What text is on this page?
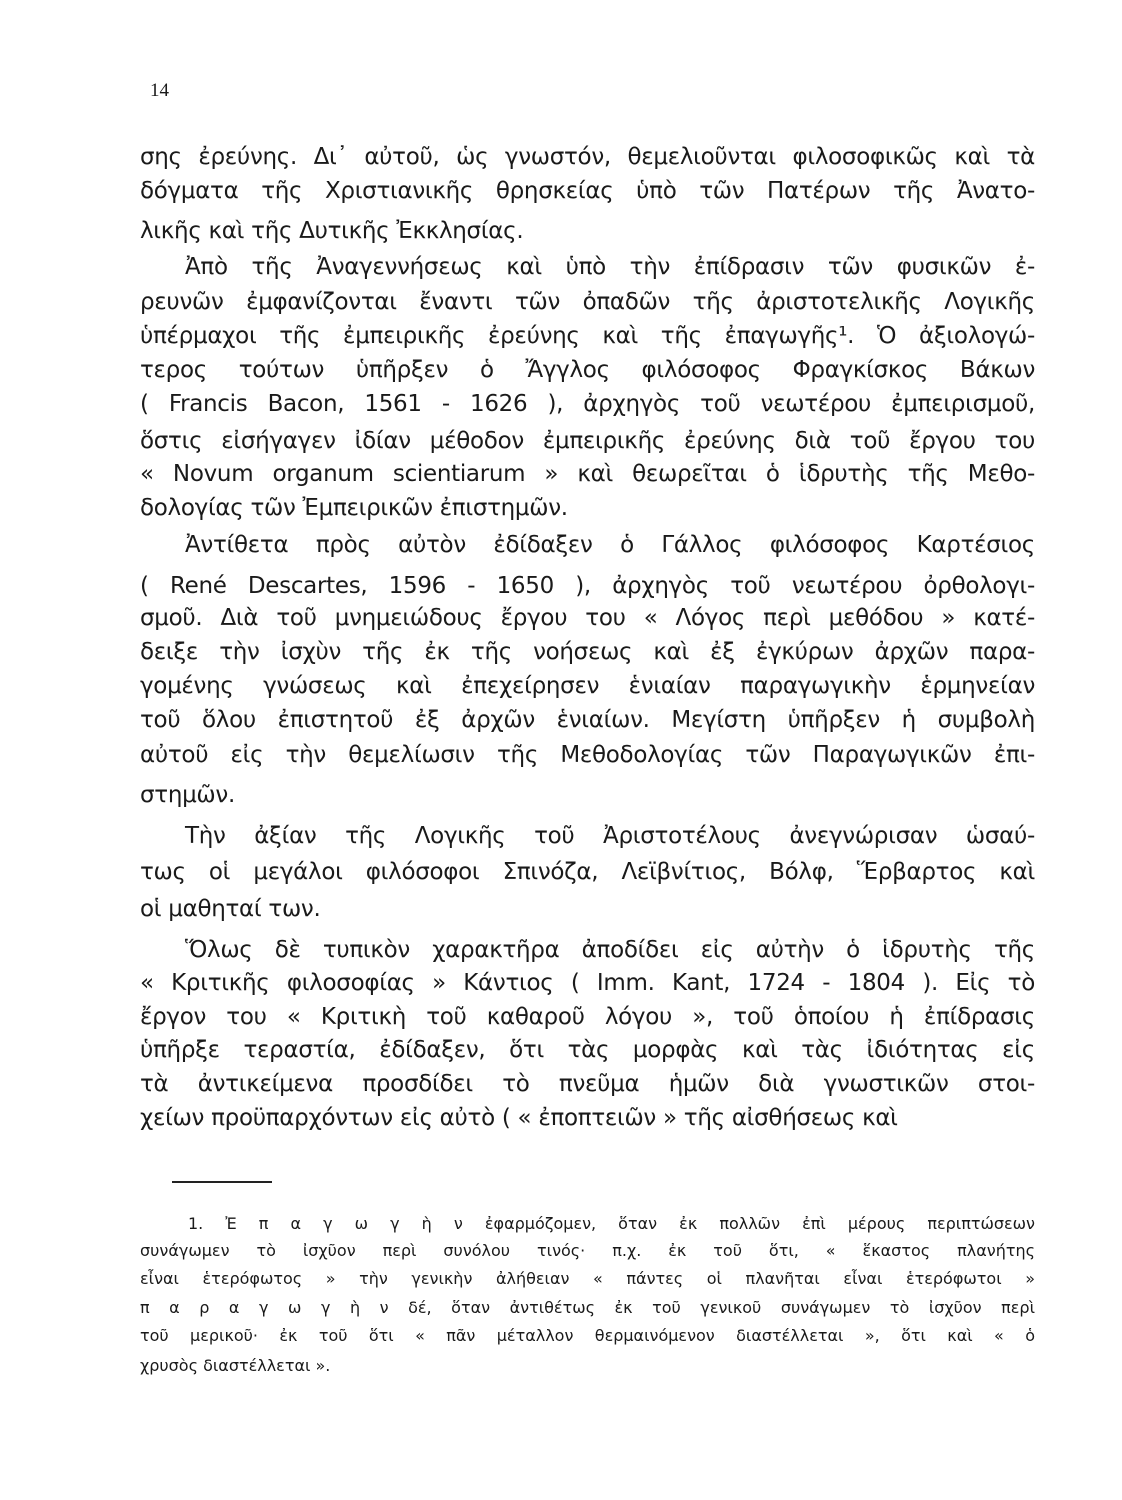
14
σης ἐρεύνης. Δι᾽ αὐτοῦ, ὡς γνωστόν, θεμελιοῦνται φιλοσοφικῶς καὶ τὰ
δόγματα τῆς Χριστιανικῆς θρησκείας ὑπὸ τῶν Πατέρων τῆς Ἀνατο-
λικῆς καὶ τῆς Δυτικῆς Ἐκκλησίας.
Ἀπὸ τῆς Ἀναγεννήσεως καὶ ὑπὸ τὴν ἐπίδρασιν τῶν φυσικῶν ἐ-
ρευνῶν ἐμφανίζονται ἔναντι τῶν ὀπαδῶν τῆς ἀριστοτελικῆς Λογικῆς
ὑπέρμαχοι τῆς ἐμπειρικῆς ἐρεύνης καὶ τῆς ἐπαγωγῆς¹. Ὁ ἀξιολογώ-
τερος τούτων ὑπῆρξεν ὁ Ἄγγλος φιλόσοφος Φραγκίσκος Βάκων
( Francis Bacon, 1561 - 1626 ), ἀρχηγὸς τοῦ νεωτέρου ἐμπειρισμοῦ,
ὅστις εἰσήγαγεν ἰδίαν μέθοδον ἐμπειρικῆς ἐρεύνης διὰ τοῦ ἔργου του
« Novum organum scientiarum » καὶ θεωρεῖται ὁ ἱδρυτὴς τῆς Μεθο-
δολογίας τῶν Ἐμπειρικῶν ἐπιστημῶν.
Ἀντίθετα πρὸς αὐτὸν ἐδίδαξεν ὁ Γάλλος φιλόσοφος Καρτέσιος
( René Descartes, 1596 - 1650 ), ἀρχηγὸς τοῦ νεωτέρου ὀρθολογι-
σμοῦ. Διὰ τοῦ μνημειώδους ἔργου του « Λόγος περὶ μεθόδου » κατέ-
δειξε τὴν ἰσχὺν τῆς ἐκ τῆς νοήσεως καὶ ἐξ ἐγκύρων ἀρχῶν παρα-
γομένης γνώσεως καὶ ἐπεχείρησεν ἑνιαίαν παραγωγικὴν ἑρμηνείαν
τοῦ ὅλου ἐπιστητοῦ ἐξ ἀρχῶν ἑνιαίων. Μεγίστη ὑπῆρξεν ἡ συμβολὴ
αὐτοῦ εἰς τὴν θεμελίωσιν τῆς Μεθοδολογίας τῶν Παραγωγικῶν ἐπι-
στημῶν.
Τὴν ἀξίαν τῆς Λογικῆς τοῦ Ἀριστοτέλους ἀνεγνώρισαν ὡσαύ-
τως οἱ μεγάλοι φιλόσοφοι Σπινόζα, Λεϊβνίτιος, Βόλφ, Ἕρβαρτος καὶ
οἱ μαθηταί των.
Ὅλως δὲ τυπικὸν χαρακτῆρα ἀποδίδει εἰς αὐτὴν ὁ ἱδρυτὴς τῆς
« Κριτικῆς φιλοσοφίας » Κάντιος ( Imm. Kant, 1724 - 1804 ). Εἰς τὸ
ἔργον του « Κριτικὴ τοῦ καθαροῦ λόγου », τοῦ ὁποίου ἡ ἐπίδρασις
ὑπῆρξε τεραστία, ἐδίδαξεν, ὅτι τὰς μορφὰς καὶ τὰς ἰδιότητας εἰς
τὰ ἀντικείμενα προσδίδει τὸ πνεῦμα ἡμῶν διὰ γνωστικῶν στοι-
χείων προϋπαρχόντων εἰς αὐτὸ ( « ἐποπτειῶν » τῆς αἰσθήσεως καὶ
1. Ἐ π α γ ω γ ὴ ν ἐφαρμόζομεν, ὅταν ἐκ πολλῶν ἐπὶ μέρους περιπτώσεων
συνάγωμεν τὸ ἰσχῦον περὶ συνόλου τινός· π.χ. ἐκ τοῦ ὅτι, « ἕκαστος πλανήτης
εἶναι ἑτερόφωτος » τὴν γενικὴν ἀλήθειαν « πάντες οἱ πλανῆται εἶναι ἑτερόφωτοι »
π α ρ α γ ω γ ὴ ν δέ, ὅταν ἀντιθέτως ἐκ τοῦ γενικοῦ συνάγωμεν τὸ ἰσχῦον περὶ
τοῦ μερικοῦ· ἐκ τοῦ ὅτι « πᾶν μέταλλον θερμαινόμενον διαστέλλεται », ὅτι καὶ « ὁ
χρυσὸς διαστέλλεται ».
